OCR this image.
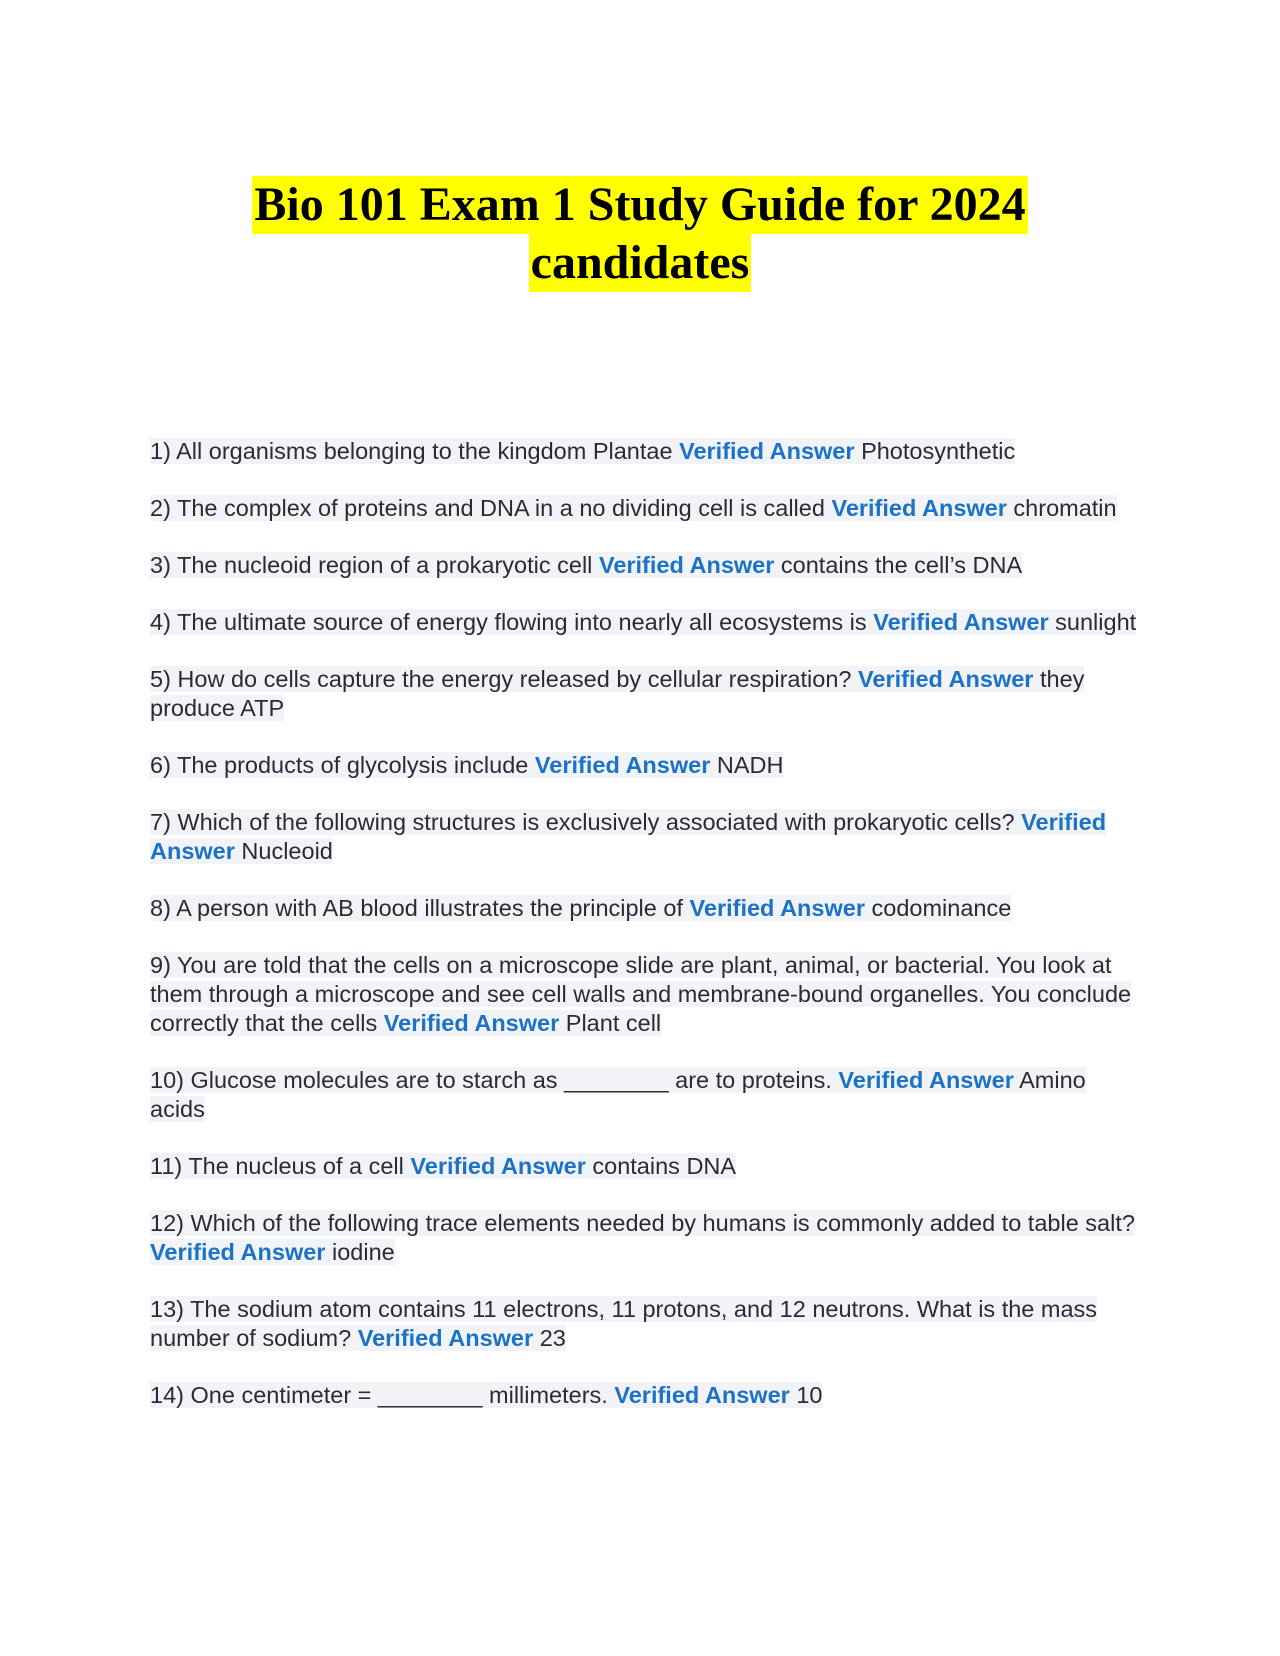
Bio 101 Exam 1 Study Guide for 2024
candidates

1) All organisms belonging to the kingdom Plantae Verified Answer Photosynthetic

2) The complex of proteins and DNA in a no dividing cell is called Verified Answer chromatin

3) The nucleoid region of a prokaryotic cell Verified Answer contains the cell’s DNA

4) The ultimate source of energy flowing into nearly all ecosystems is Verified Answer sunlight

5) How do cells capture the energy released by cellular respiration? Verified Answer they produce ATP

6) The products of glycolysis include Verified Answer NADH

7) Which of the following structures is exclusively associated with prokaryotic cells? Verified Answer Nucleoid

8) A person with AB blood illustrates the principle of Verified Answer codominance

9) You are told that the cells on a microscope slide are plant, animal, or bacterial. You look at them through a microscope and see cell walls and membrane-bound organelles. You conclude correctly that the cells Verified Answer Plant cell

10) Glucose molecules are to starch as ________ are to proteins. Verified Answer Amino acids

11) The nucleus of a cell Verified Answer contains DNA

12) Which of the following trace elements needed by humans is commonly added to table salt? Verified Answer iodine

13) The sodium atom contains 11 electrons, 11 protons, and 12 neutrons. What is the mass number of sodium? Verified Answer 23

14) One centimeter = ________ millimeters. Verified Answer 10
